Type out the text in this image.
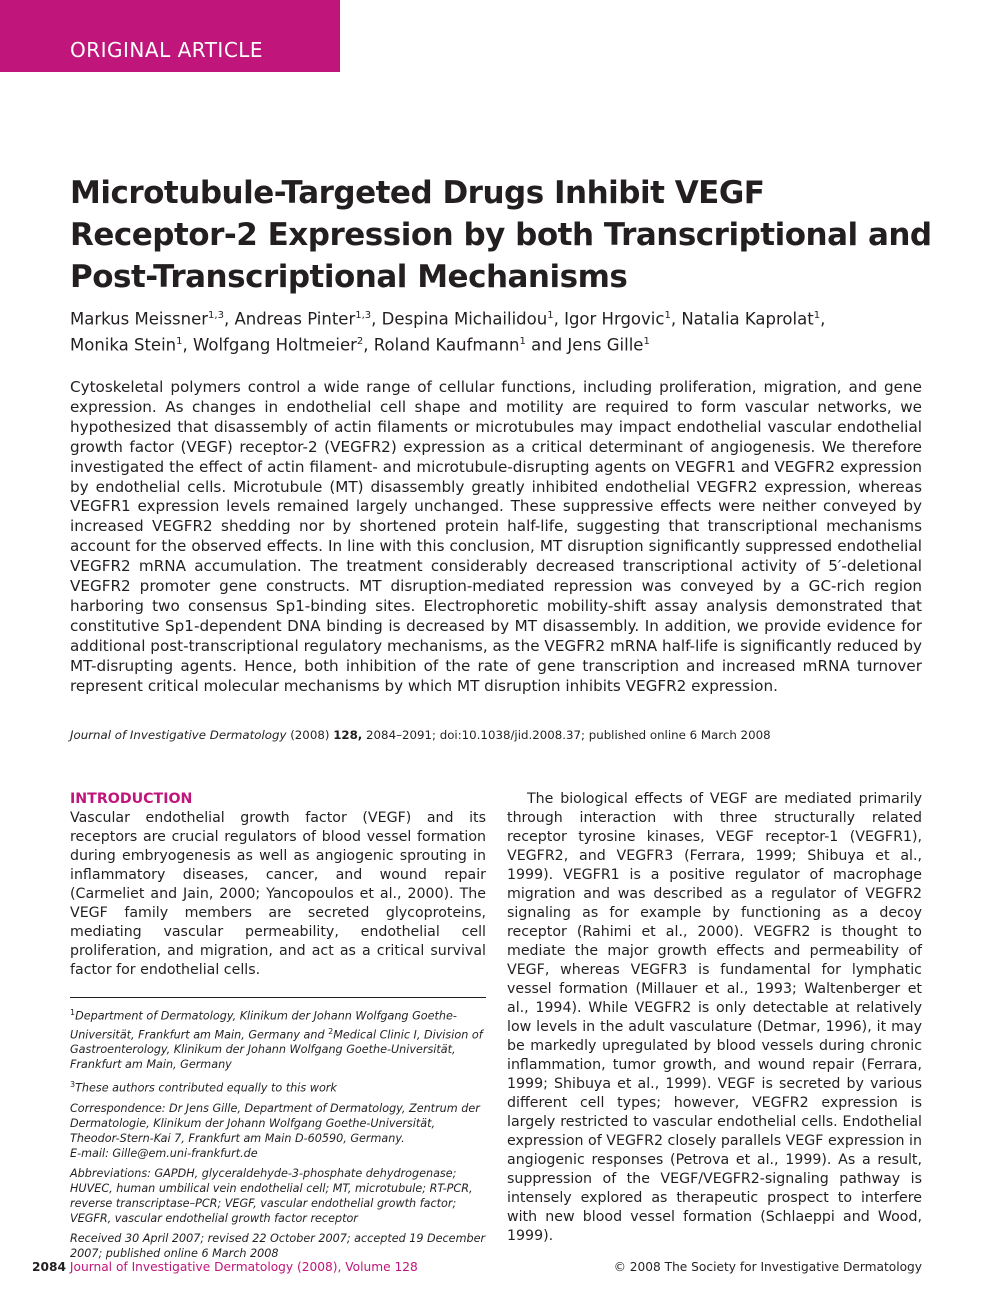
ORIGINAL ARTICLE
Microtubule-Targeted Drugs Inhibit VEGF Receptor-2 Expression by both Transcriptional and Post-Transcriptional Mechanisms
Markus Meissner$^{1,3}$, Andreas Pinter$^{1,3}$, Despina Michailidou$^1$, Igor Hrgovic$^1$, Natalia Kaprolat$^1$,
Monika Stein$^1$, Wolfgang Holtmeier$^2$, Roland Kaufmann$^1$ and Jens Gille$^1$

Cytoskeletal polymers control a wide range of cellular functions, including proliferation, migration, and gene expression. As changes in endothelial cell shape and motility are required to form vascular networks, we hypothesized that disassembly of actin filaments or microtubules may impact endothelial vascular endothelial growth factor (VEGF) receptor-2 (VEGFR2) expression as a critical determinant of angiogenesis. We therefore investigated the effect of actin filament- and microtubule-disrupting agents on VEGFR1 and VEGFR2 expression by endothelial cells. Microtubule (MT) disassembly greatly inhibited endothelial VEGFR2 expression, whereas VEGFR1 expression levels remained largely unchanged. These suppressive effects were neither conveyed by increased VEGFR2 shedding nor by shortened protein half-life, suggesting that transcriptional mechanisms account for the observed effects. In line with this conclusion, MT disruption significantly suppressed endothelial VEGFR2 mRNA accumulation. The treatment considerably decreased transcriptional activity of 5′-deletional VEGFR2 promoter gene constructs. MT disruption-mediated repression was conveyed by a GC-rich region harboring two consensus Sp1-binding sites. Electrophoretic mobility-shift assay analysis demonstrated that constitutive Sp1-dependent DNA binding is decreased by MT disassembly. In addition, we provide evidence for additional post-transcriptional regulatory mechanisms, as the VEGFR2 mRNA half-life is significantly reduced by MT-disrupting agents. Hence, both inhibition of the rate of gene transcription and increased mRNA turnover represent critical molecular mechanisms by which MT disruption inhibits VEGFR2 expression.

Journal of Investigative Dermatology (2008) 128, 2084–2091; doi:10.1038/jid.2008.37; published online 6 March 2008
INTRODUCTION

Vascular endothelial growth factor (VEGF) and its receptors are crucial regulators of blood vessel formation during embryogenesis as well as angiogenic sprouting in inflammatory diseases, cancer, and wound repair (Carmeliet and Jain, 2000; Yancopoulos et al., 2000). The VEGF family members are secreted glycoproteins, mediating vascular permeability, endothelial cell proliferation, and migration, and act as a critical survival factor for endothelial cells.

$^1$Department of Dermatology, Klinikum der Johann Wolfgang Goethe-Universität, Frankfurt am Main, Germany and $^2$Medical Clinic I, Division of Gastroenterology, Klinikum der Johann Wolfgang Goethe-Universität, Frankfurt am Main, Germany

$^3$These authors contributed equally to this work

Correspondence: Dr Jens Gille, Department of Dermatology, Zentrum der Dermatologie, Klinikum der Johann Wolfgang Goethe-Universität, Theodor-Stern-Kai 7, Frankfurt am Main D-60590, Germany.

E-mail: Gille@em.uni-frankfurt.de

Abbreviations: GAPDH, glyceraldehyde-3-phosphate dehydrogenase; HUVEC, human umbilical vein endothelial cell; MT, microtubule; RT-PCR, reverse transcriptase–PCR; VEGF, vascular endothelial growth factor; VEGFR, vascular endothelial growth factor receptor

Received 30 April 2007; revised 22 October 2007; accepted 19 December 2007; published online 6 March 2008

The biological effects of VEGF are mediated primarily through interaction with three structurally related receptor tyrosine kinases, VEGF receptor-1 (VEGFR1), VEGFR2, and VEGFR3 (Ferrara, 1999; Shibuya et al., 1999). VEGFR1 is a positive regulator of macrophage migration and was described as a regulator of VEGFR2 signaling as for example by functioning as a decoy receptor (Rahimi et al., 2000). VEGFR2 is thought to mediate the major growth effects and permeability of VEGF, whereas VEGFR3 is fundamental for lymphatic vessel formation (Millauer et al., 1993; Waltenberger et al., 1994). While VEGFR2 is only detectable at relatively low levels in the adult vasculature (Detmar, 1996), it may be markedly upregulated by blood vessels during chronic inflammation, tumor growth, and wound repair (Ferrara, 1999; Shibuya et al., 1999). VEGF is secreted by various different cell types; however, VEGFR2 expression is largely restricted to vascular endothelial cells. Endothelial expression of VEGFR2 closely parallels VEGF expression in angiogenic responses (Petrova et al., 1999). As a result, suppression of the VEGF/VEGFR2-signaling pathway is intensely explored as therapeutic prospect to interfere with new blood vessel formation (Schlaeppi and Wood, 1999).

2084 Journal of Investigative Dermatology (2008), Volume 128	© 2008 The Society for Investigative Dermatology
